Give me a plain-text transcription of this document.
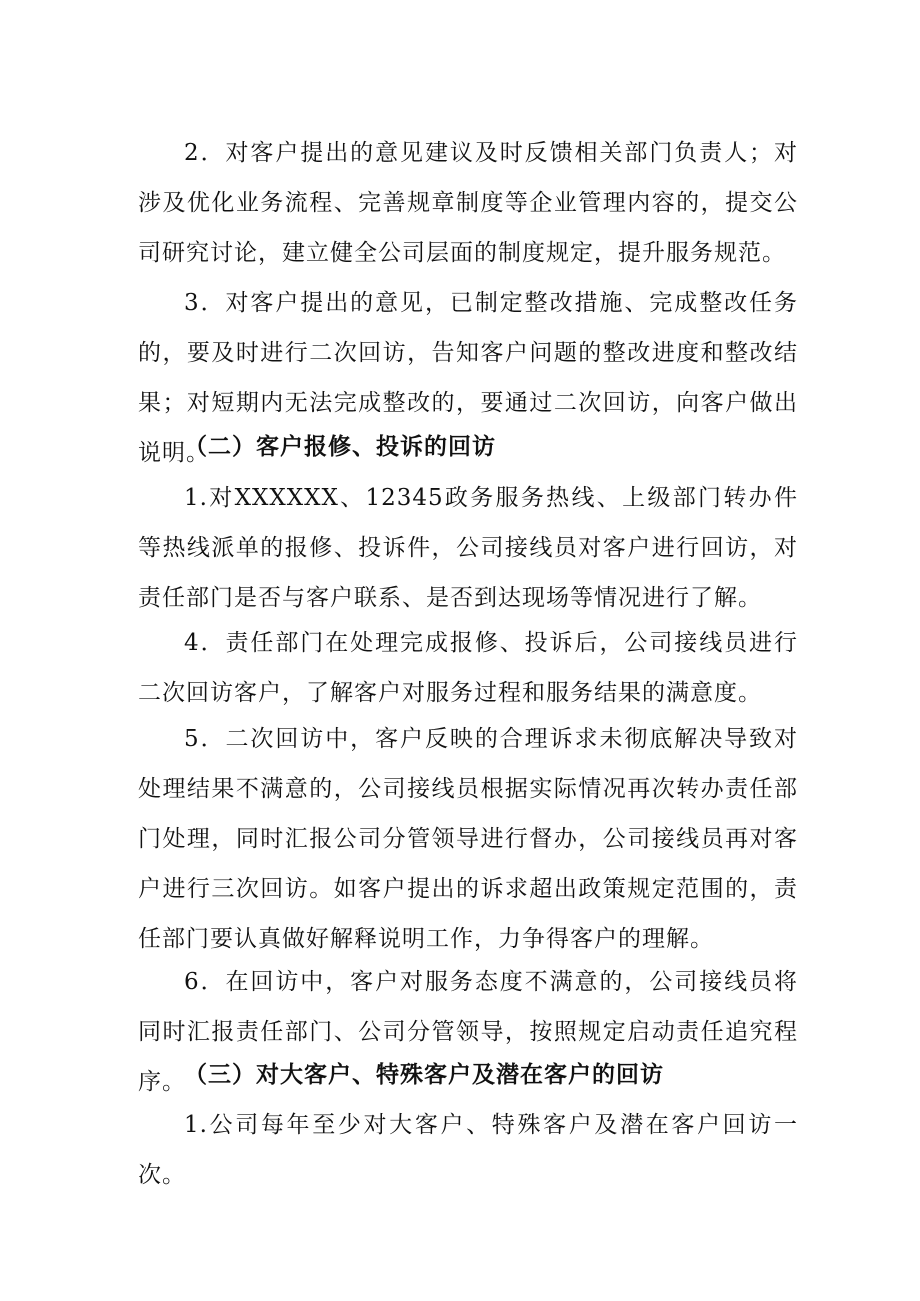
2．对客户提出的意见建议及时反馈相关部门负责人；对涉及优化业务流程、完善规章制度等企业管理内容的，提交公司研究讨论，建立健全公司层面的制度规定，提升服务规范。

3．对客户提出的意见，已制定整改措施、完成整改任务的，要及时进行二次回访，告知客户问题的整改进度和整改结果；对短期内无法完成整改的，要通过二次回访，向客户做出说明。

（二）客户报修、投诉的回访

1.对XXXXXX、12345政务服务热线、上级部门转办件等热线派单的报修、投诉件，公司接线员对客户进行回访，对责任部门是否与客户联系、是否到达现场等情况进行了解。

4．责任部门在处理完成报修、投诉后，公司接线员进行二次回访客户，了解客户对服务过程和服务结果的满意度。

5．二次回访中，客户反映的合理诉求未彻底解决导致对处理结果不满意的，公司接线员根据实际情况再次转办责任部门处理，同时汇报公司分管领导进行督办，公司接线员再对客户进行三次回访。如客户提出的诉求超出政策规定范围的，责任部门要认真做好解释说明工作，力争得客户的理解。

6．在回访中，客户对服务态度不满意的，公司接线员将同时汇报责任部门、公司分管领导，按照规定启动责任追究程序。

（三）对大客户、特殊客户及潜在客户的回访

1.公司每年至少对大客户、特殊客户及潜在客户回访一次。
